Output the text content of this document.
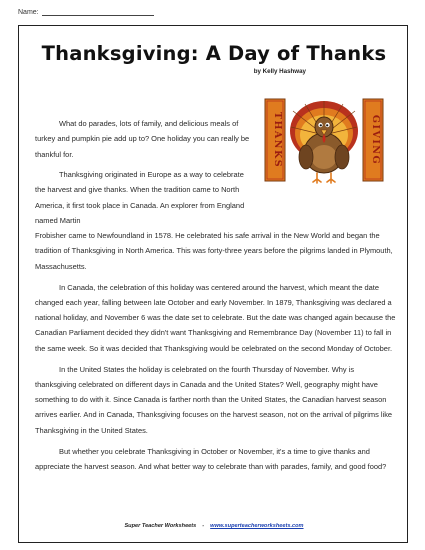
Name:
Thanksgiving: A Day of Thanks
by Kelly Hashway
THANKS	GIVING

What do parades, lots of family, and delicious meals of turkey and pumpkin pie add up to? One holiday you can really be thankful for.

Thanksgiving originated in Europe as a way to celebrate the harvest and give thanks. When the tradition came to North America, it first took place in Canada. An explorer from England named Martin
Frobisher came to Newfoundland in 1578. He celebrated his safe arrival in the New World and began the tradition of Thanksgiving in North America. This was forty-three years before the pilgrims landed in Plymouth, Massachusetts.

In Canada, the celebration of this holiday was centered around the harvest, which meant the date changed each year, falling between late October and early November. In 1879, Thanksgiving was declared a national holiday, and November 6 was the date set to celebrate. But the date was changed again because the Canadian Parliament decided they didn't want Thanksgiving and Remembrance Day (November 11) to fall in the same week. So it was decided that Thanksgiving would be celebrated on the second Monday of October.

In the United States the holiday is celebrated on the fourth Thursday of November. Why is thanksgiving celebrated on different days in Canada and the United States? Well, geography might have something to do with it. Since Canada is farther north than the United States, the Canadian harvest season arrives earlier. And in Canada, Thanksgiving focuses on the harvest season, not on the arrival of pilgrims like Thanksgiving in the United States.

But whether you celebrate Thanksgiving in October or November, it's a time to give thanks and appreciate the harvest season. And what better way to celebrate than with parades, family, and good food?

Super Teacher Worksheets - www.superteacherworksheets.com
